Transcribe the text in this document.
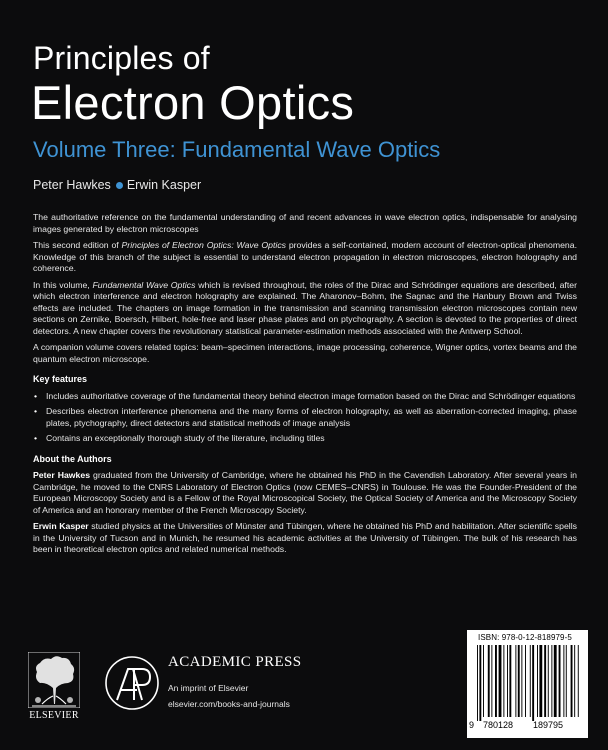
Principles of
Electron Optics
Volume Three: Fundamental Wave Optics
Peter Hawkes Erwin Kasper

The authoritative reference on the fundamental understanding of and recent advances in wave electron optics, indispensable for analysing images generated by electron microscopes

This second edition of Principles of Electron Optics: Wave Optics provides a self-contained, modern account of electron-optical phenomena. Knowledge of this branch of the subject is essential to understand electron propagation in electron microscopes, electron holography and coherence.

In this volume, Fundamental Wave Optics which is revised throughout, the roles of the Dirac and Schrödinger equations are described, after which electron interference and electron holography are explained. The Aharonov–Bohm, the Sagnac and the Hanbury Brown and Twiss effects are included. The chapters on image formation in the transmission and scanning transmission electron microscopes contain new sections on Zernike, Boersch, Hilbert, hole-free and laser phase plates and on ptychography. A section is devoted to the properties of direct detectors. A new chapter covers the revolutionary statistical parameter-estimation methods associated with the Antwerp School.

A companion volume covers related topics: beam–specimen interactions, image processing, coherence, Wigner optics, vortex beams and the quantum electron microscope.

Key features
• Includes authoritative coverage of the fundamental theory behind electron image formation based on the Dirac and Schrödinger equations
• Describes electron interference phenomena and the many forms of electron holography, as well as aberration-corrected imaging, phase plates, ptychography, direct detectors and statistical methods of image analysis
• Contains an exceptionally thorough study of the literature, including titles
About the Authors

Peter Hawkes graduated from the University of Cambridge, where he obtained his PhD in the Cavendish Laboratory. After several years in Cambridge, he moved to the CNRS Laboratory of Electron Optics (now CEMES–CNRS) in Toulouse. He was the Founder-President of the European Microscopy Society and is a Fellow of the Royal Microscopical Society, the Optical Society of America and the Microscopy Society of America and an honorary member of the French Microscopy Society.

Erwin Kasper studied physics at the Universities of Münster and Tübingen, where he obtained his PhD and habilitation. After scientific spells in the University of Tucson and in Munich, he resumed his academic activities at the University of Tübingen. The bulk of his research has been in theoretical electron optics and related numerical methods.

ELSEVIER
ACADEMIC PRESS
An imprint of Elsevier
elsevier.com/books-and-journals
ISBN: 978-0-12-818979-5
9 780128 189795
